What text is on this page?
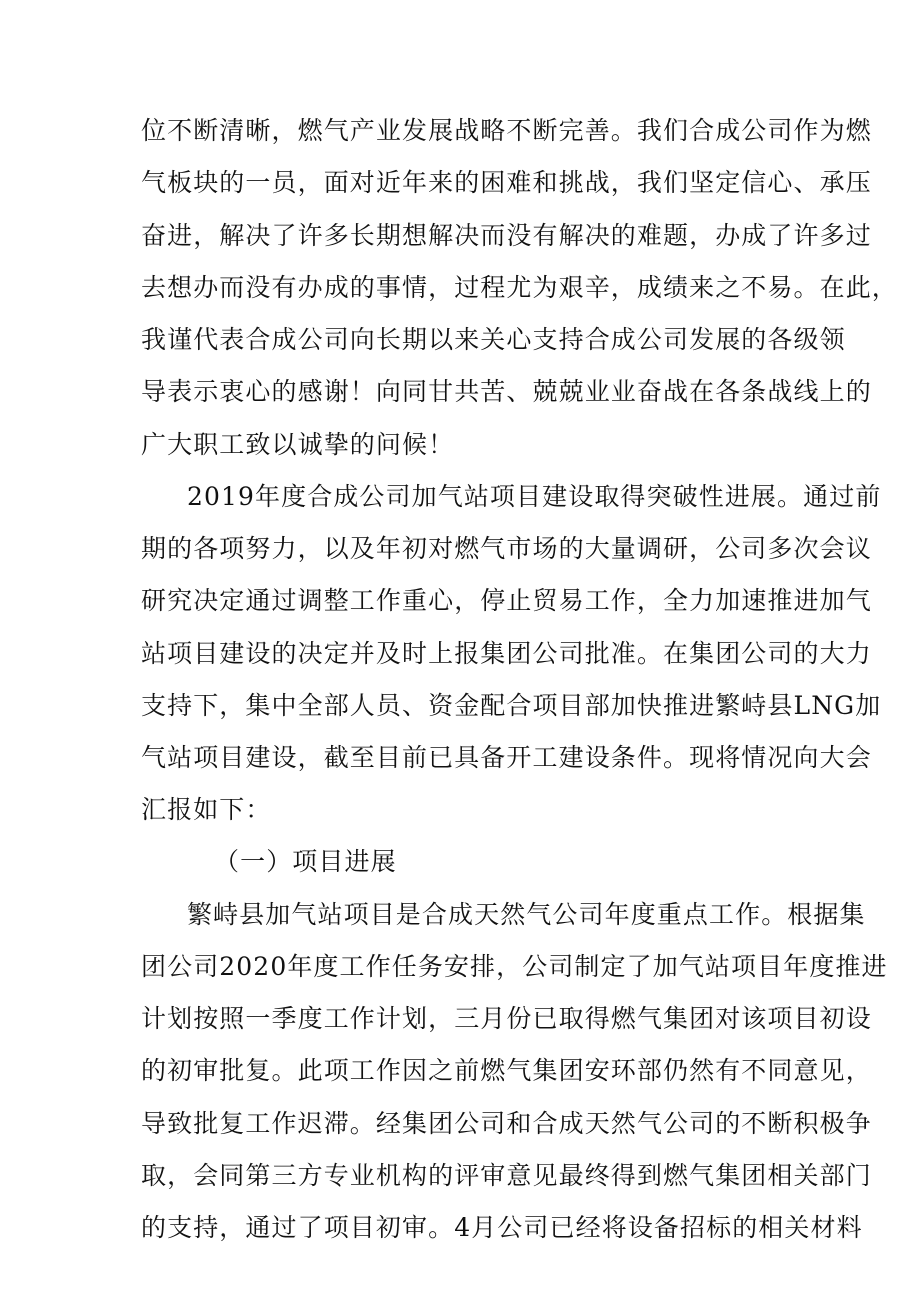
位不断清晰，燃气产业发展战略不断完善。我们合成公司作为燃
气板块的一员，面对近年来的困难和挑战，我们坚定信心、承压
奋进，解决了许多长期想解决而没有解决的难题，办成了许多过
去想办而没有办成的事情，过程尤为艰辛，成绩来之不易。在此，
我谨代表合成公司向长期以来关心支持合成公司发展的各级领
导表示衷心的感谢！向同甘共苦、兢兢业业奋战在各条战线上的
广大职工致以诚挚的问候！
2019年度合成公司加气站项目建设取得突破性进展。通过前
期的各项努力，以及年初对燃气市场的大量调研，公司多次会议
研究决定通过调整工作重心，停止贸易工作，全力加速推进加气
站项目建设的决定并及时上报集团公司批准。在集团公司的大力
支持下，集中全部人员、资金配合项目部加快推进繁峙县LNG加
气站项目建设，截至目前已具备开工建设条件。现将情况向大会
汇报如下：
（一）项目进展
繁峙县加气站项目是合成天然气公司年度重点工作。根据集
团公司2020年度工作任务安排，公司制定了加气站项目年度推进
计划按照一季度工作计划，三月份已取得燃气集团对该项目初设
的初审批复。此项工作因之前燃气集团安环部仍然有不同意见，
导致批复工作迟滞。经集团公司和合成天然气公司的不断积极争
取，会同第三方专业机构的评审意见最终得到燃气集团相关部门
的支持，通过了项目初审。4月公司已经将设备招标的相关材料
